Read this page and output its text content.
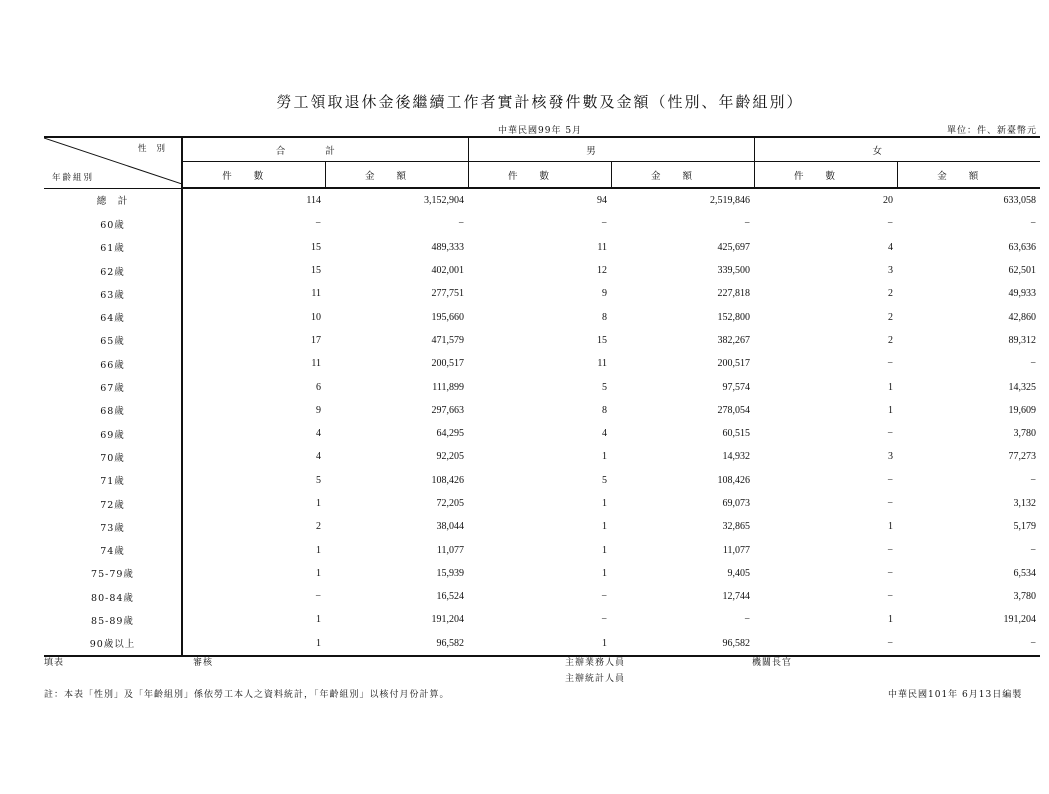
勞工領取退休金後繼續工作者實計核發件數及金額（性別、年齡組別）
中華民國99年 5月	單位：件、新臺幣元
性別
年齡組別	合計		男		女	
	件數	金額	件數	金額	件數	金額
總　計	114	3,152,904	94	2,519,846	20	633,058
60歲	−	−	−	−	−	−
61歲	15	489,333	11	425,697	4	63,636
62歲	15	402,001	12	339,500	3	62,501
63歲	11	277,751	9	227,818	2	49,933
64歲	10	195,660	8	152,800	2	42,860
65歲	17	471,579	15	382,267	2	89,312
66歲	11	200,517	11	200,517	−	−
67歲	6	111,899	5	97,574	1	14,325
68歲	9	297,663	8	278,054	1	19,609
69歲	4	64,295	4	60,515	−	3,780
70歲	4	92,205	1	14,932	3	77,273
71歲	5	108,426	5	108,426	−	−
72歲	1	72,205	1	69,073	−	3,132
73歲	2	38,044	1	32,865	1	5,179
74歲	1	11,077	1	11,077	−	−
75-79歲	1	15,939	1	9,405	−	6,534
80-84歲	−	16,524	−	12,744	−	3,780
85-89歲	1	191,204	−	−	1	191,204
90歲以上	1	96,582	1	96,582	−	−
填表	審核	主辦業務人員	機關長官
主辦統計人員
註：本表「性別」及「年齡組別」係依勞工本人之資料統計，「年齡組別」以核付月份計算。	中華民國101年 6月13日編製
